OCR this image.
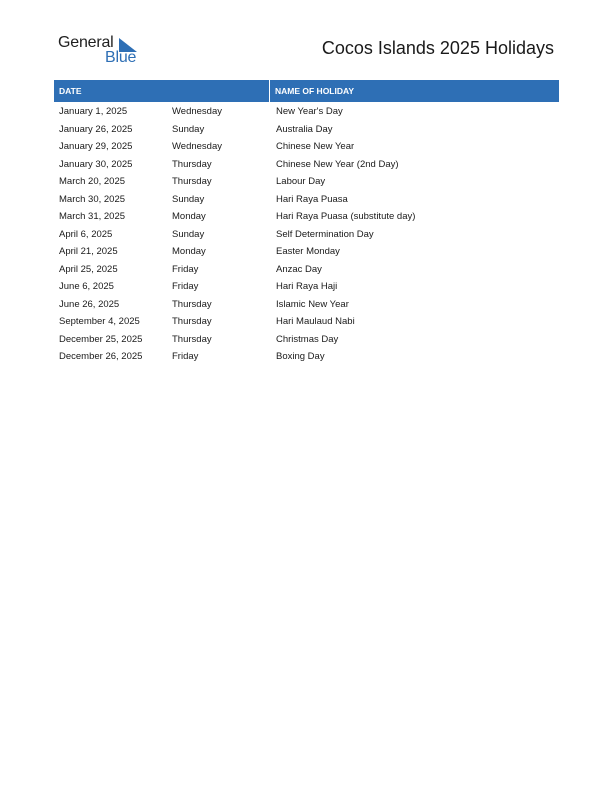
General
Blue	Cocos Islands 2025 Holidays
DATE	NAME OF HOLIDAY
January 1, 2025	Wednesday	New Year's Day
January 26, 2025	Sunday	Australia Day
January 29, 2025	Wednesday	Chinese New Year
January 30, 2025	Thursday	Chinese New Year (2nd Day)
March 20, 2025	Thursday	Labour Day
March 30, 2025	Sunday	Hari Raya Puasa
March 31, 2025	Monday	Hari Raya Puasa (substitute day)
April 6, 2025	Sunday	Self Determination Day
April 21, 2025	Monday	Easter Monday
April 25, 2025	Friday	Anzac Day
June 6, 2025	Friday	Hari Raya Haji
June 26, 2025	Thursday	Islamic New Year
September 4, 2025	Thursday	Hari Maulaud Nabi
December 25, 2025	Thursday	Christmas Day
December 26, 2025	Friday	Boxing Day
